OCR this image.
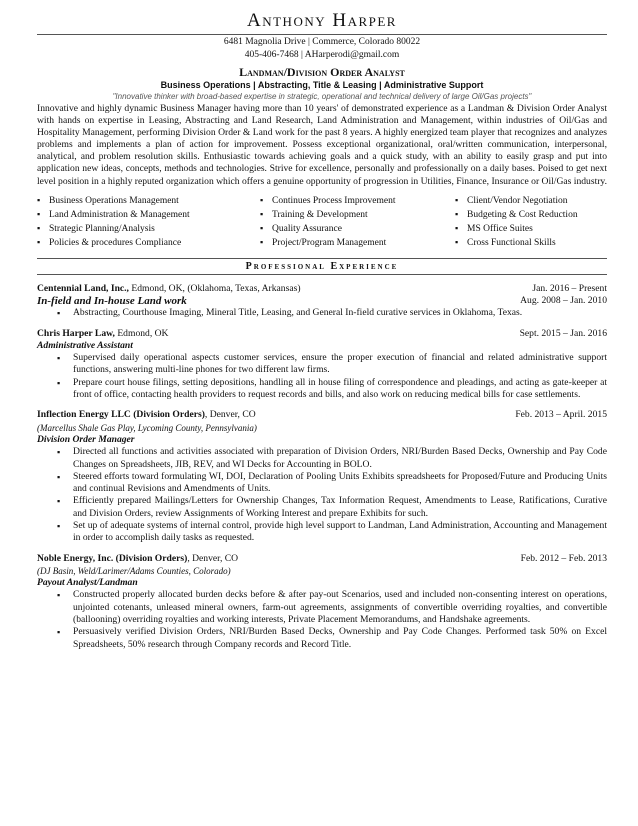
Anthony Harper
6481 Magnolia Drive | Commerce, Colorado 80022
405-406-7468 | AHarperodi@gmail.com
Landman/Division Order Analyst
Business Operations | Abstracting, Title & Leasing | Administrative Support
"Innovative thinker with broad-based expertise in strategic, operational and technical delivery of large Oil/Gas projects"
Innovative and highly dynamic Business Manager having more than 10 years' of demonstrated experience as a Landman & Division Order Analyst with hands on expertise in Leasing, Abstracting and Land Research, Land Administration and Management, within industries of Oil/Gas and Hospitality Management, performing Division Order & Land work for the past 8 years. A highly energized team player that recognizes and analyzes problems and implements a plan of action for improvement. Possess exceptional organizational, oral/written communication, interpersonal, analytical, and problem resolution skills. Enthusiastic towards achieving goals and a quick study, with an ability to easily grasp and put into application new ideas, concepts, methods and technologies. Strive for excellence, personally and professionally on a daily bases. Poised to get next level position in a highly reputed organization which offers a genuine opportunity of progression in Utilities, Finance, Insurance or Oil/Gas industry.
▪ Business Operations Management
▪ Land Administration & Management
▪ Strategic Planning/Analysis
▪ Policies & procedures Compliance
▪ Continues Process Improvement
▪ Training & Development
▪ Quality Assurance
▪ Project/Program Management
▪ Client/Vendor Negotiation
▪ Budgeting & Cost Reduction
▪ MS Office Suites
▪ Cross Functional Skills
Professional Experience
Centennial Land, Inc., Edmond, OK, (Oklahoma, Texas, Arkansas)	Jan. 2016 – Present
In-field and In-house Land work	Aug. 2008 – Jan. 2010
▪ Abstracting, Courthouse Imaging, Mineral Title, Leasing, and General In-field curative services in Oklahoma, Texas.
Chris Harper Law, Edmond, OK	Sept. 2015 – Jan. 2016
Administrative Assistant
▪ Supervised daily operational aspects customer services, ensure the proper execution of financial and related administrative support functions, answering multi-line phones for two different law firms.
▪ Prepare court house filings, setting depositions, handling all in house filing of correspondence and pleadings, and acting as gate-keeper at front of office, contacting health providers to request records and bills, and also work on reducing medical bills for case settlements.
Inflection Energy LLC (Division Orders), Denver, CO	Feb. 2013 – April. 2015
(Marcellus Shale Gas Play, Lycoming County, Pennsylvania)
Division Order Manager
▪ Directed all functions and activities associated with preparation of Division Orders, NRI/Burden Based Decks, Ownership and Pay Code Changes on Spreadsheets, JIB, REV, and WI Decks for Accounting in BOLO.
▪ Steered efforts toward formulating WI, DOI, Declaration of Pooling Units Exhibits spreadsheets for Proposed/Future and Producing Units and continual Revisions and Amendments of Units.
▪ Efficiently prepared Mailings/Letters for Ownership Changes, Tax Information Request, Amendments to Lease, Ratifications, Curative and Division Orders, review Assignments of Working Interest and prepare Exhibits for such.
▪ Set up of adequate systems of internal control, provide high level support to Landman, Land Administration, Accounting and Management in order to accomplish daily tasks as requested.
Noble Energy, Inc. (Division Orders), Denver, CO	Feb. 2012 – Feb. 2013
(DJ Basin, Weld/Larimer/Adams Counties, Colorado)
Payout Analyst/Landman
▪ Constructed properly allocated burden decks before & after pay-out Scenarios, used and included non-consenting interest on operations, unjointed cotenants, unleased mineral owners, farm-out agreements, assignments of convertible overriding royalties, and convertible (ballooning) overriding royalties and working interests, Private Placement Memorandums, and Handshake agreements.
▪ Persuasively verified Division Orders, NRI/Burden Based Decks, Ownership and Pay Code Changes. Performed task 50% on Excel Spreadsheets, 50% research through Company records and Record Title.
